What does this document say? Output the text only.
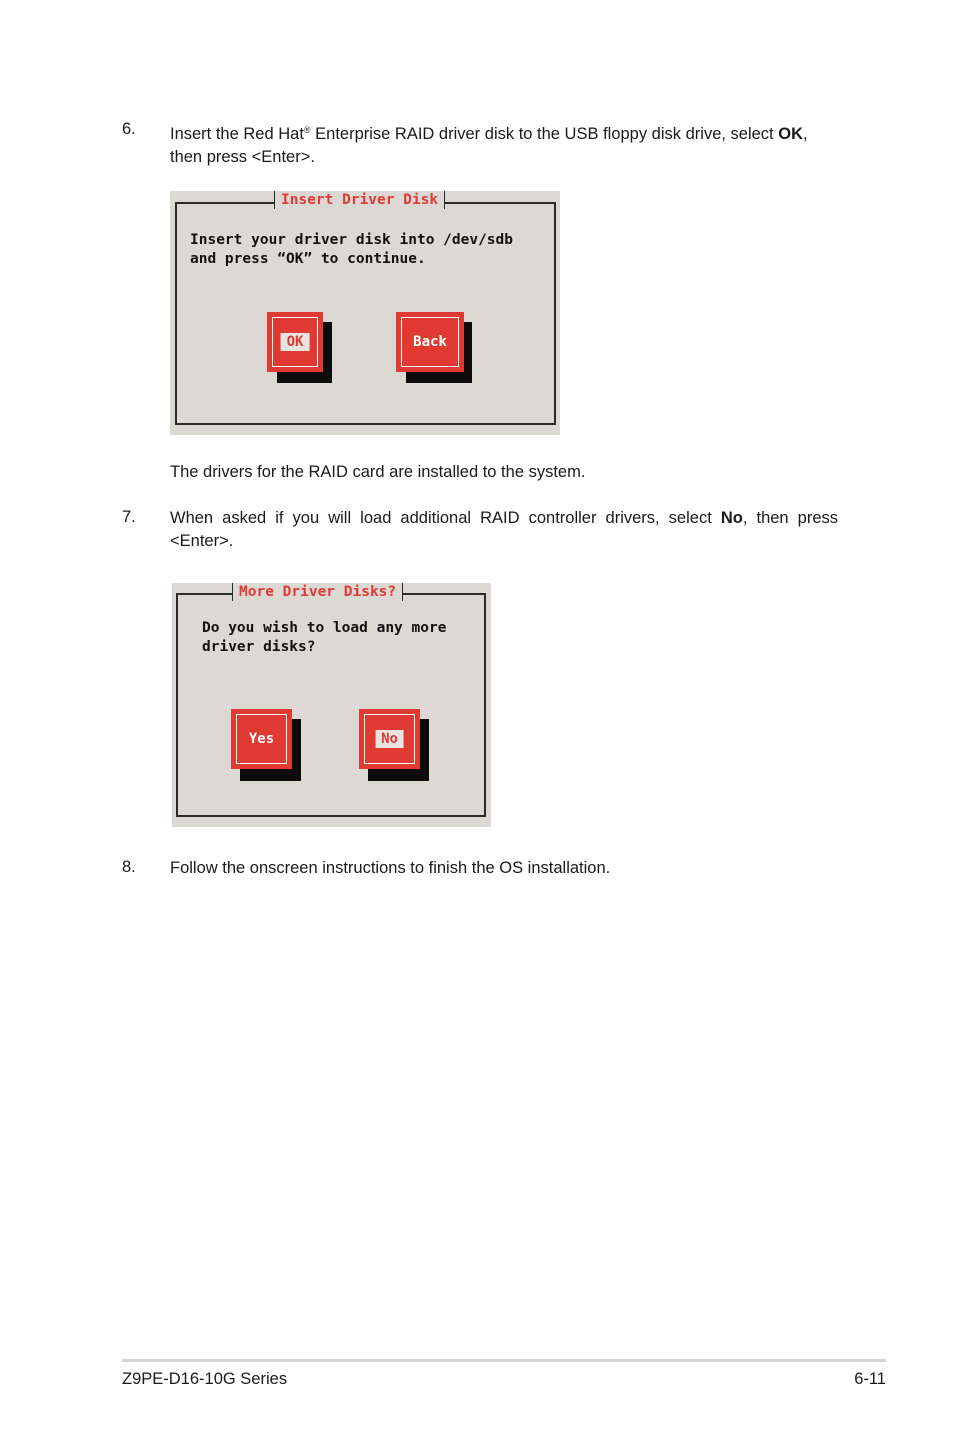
6. Insert the Red Hat® Enterprise RAID driver disk to the USB floppy disk drive, select OK,
then press <Enter>.
Insert Driver Disk
Insert your driver disk into /dev/sdb
and press “OK” to continue.
OK	Back
The drivers for the RAID card are installed to the system.
7. When asked if you will load additional RAID controller drivers, select No, then press <Enter>.
More Driver Disks?
Do you wish to load any more
driver disks?
Yes	No
8. Follow the onscreen instructions to finish the OS installation.
Z9PE-D16-10G Series	6-11
